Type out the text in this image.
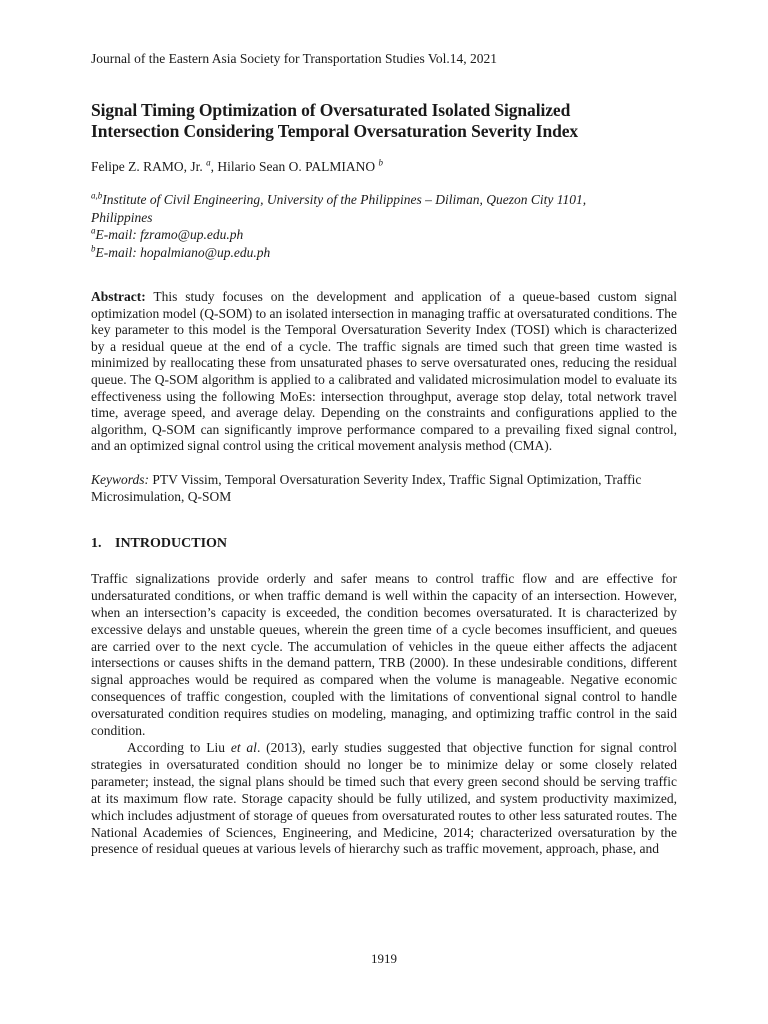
Journal of the Eastern Asia Society for Transportation Studies Vol.14, 2021

Signal Timing Optimization of Oversaturated Isolated Signalized
Intersection Considering Temporal Oversaturation Severity Index

Felipe Z. RAMO, Jr. $^a$, Hilario Sean O. PALMIANO $^b$

$^{a,b}$Institute of Civil Engineering, University of the Philippines – Diliman, Quezon City 1101,
Philippines
$^a$E-mail: fzramo@up.edu.ph
$^b$E-mail: hopalmiano@up.edu.ph

Abstract: This study focuses on the development and application of a queue-based custom signal optimization model (Q-SOM) to an isolated intersection in managing traffic at oversaturated conditions. The key parameter to this model is the Temporal Oversaturation Severity Index (TOSI) which is characterized by a residual queue at the end of a cycle. The traffic signals are timed such that green time wasted is minimized by reallocating these from unsaturated phases to serve oversaturated ones, reducing the residual queue. The Q-SOM algorithm is applied to a calibrated and validated microsimulation model to evaluate its effectiveness using the following MoEs: intersection throughput, average stop delay, total network travel time, average speed, and average delay. Depending on the constraints and configurations applied to the algorithm, Q-SOM can significantly improve performance compared to a prevailing fixed signal control, and an optimized signal control using the critical movement analysis method (CMA).

Keywords: PTV Vissim, Temporal Oversaturation Severity Index, Traffic Signal Optimization, Traffic Microsimulation, Q-SOM

1. INTRODUCTION

Traffic signalizations provide orderly and safer means to control traffic flow and are effective for undersaturated conditions, or when traffic demand is well within the capacity of an intersection. However, when an intersection’s capacity is exceeded, the condition becomes oversaturated. It is characterized by excessive delays and unstable queues, wherein the green time of a cycle becomes insufficient, and queues are carried over to the next cycle. The accumulation of vehicles in the queue either affects the adjacent intersections or causes shifts in the demand pattern, TRB (2000). In these undesirable conditions, different signal approaches would be required as compared when the volume is manageable. Negative economic consequences of traffic congestion, coupled with the limitations of conventional signal control to handle oversaturated condition requires studies on modeling, managing, and optimizing traffic control in the said condition.

According to Liu et al. (2013), early studies suggested that objective function for signal control strategies in oversaturated condition should no longer be to minimize delay or some closely related parameter; instead, the signal plans should be timed such that every green second should be serving traffic at its maximum flow rate. Storage capacity should be fully utilized, and system productivity maximized, which includes adjustment of storage of queues from oversaturated routes to other less saturated routes. The National Academies of Sciences, Engineering, and Medicine, 2014; characterized oversaturation by the presence of residual queues at various levels of hierarchy such as traffic movement, approach, phase, and

1919
